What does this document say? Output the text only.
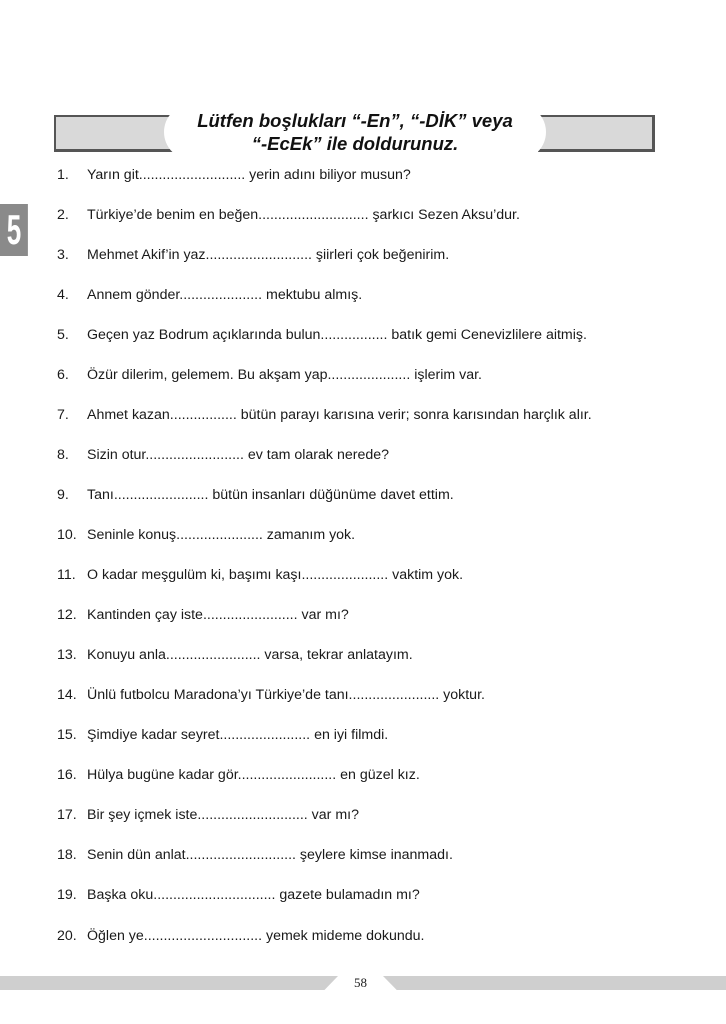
Lütfen boşlukları “-En”, “-DİK” veya
“-EcEk” ile doldurunuz.
5
1. Yarın git........................... yerin adını biliyor musun?
2. Türkiye’de benim en beğen............................ şarkıcı Sezen Aksu’dur.
3. Mehmet Akif’in yaz........................... şiirleri çok beğenirim.
4. Annem gönder..................... mektubu almış.
5. Geçen yaz Bodrum açıklarında bulun................. batık gemi Cenevizlilere aitmiş.
6. Özür dilerim, gelemem. Bu akşam yap..................... işlerim var.
7. Ahmet kazan................. bütün parayı karısına verir; sonra karısından harçlık alır.
8. Sizin otur......................... ev tam olarak nerede?
9. Tanı........................ bütün insanları düğünüme davet ettim.
10. Seninle konuş...................... zamanım yok.
11. O kadar meşgulüm ki, başımı kaşı...................... vaktim yok.
12. Kantinden çay iste........................ var mı?
13. Konuyu anla........................ varsa, tekrar anlatayım.
14. Ünlü futbolcu Maradona’yı Türkiye’de tanı....................... yoktur.
15. Şimdiye kadar seyret....................... en iyi filmdi.
16. Hülya bugüne kadar gör......................... en güzel kız.
17. Bir şey içmek iste............................ var mı?
18. Senin dün anlat............................ şeylere kimse inanmadı.
19. Başka oku............................... gazete bulamadın mı?
20. Öğlen ye.............................. yemek mideme dokundu.
58
